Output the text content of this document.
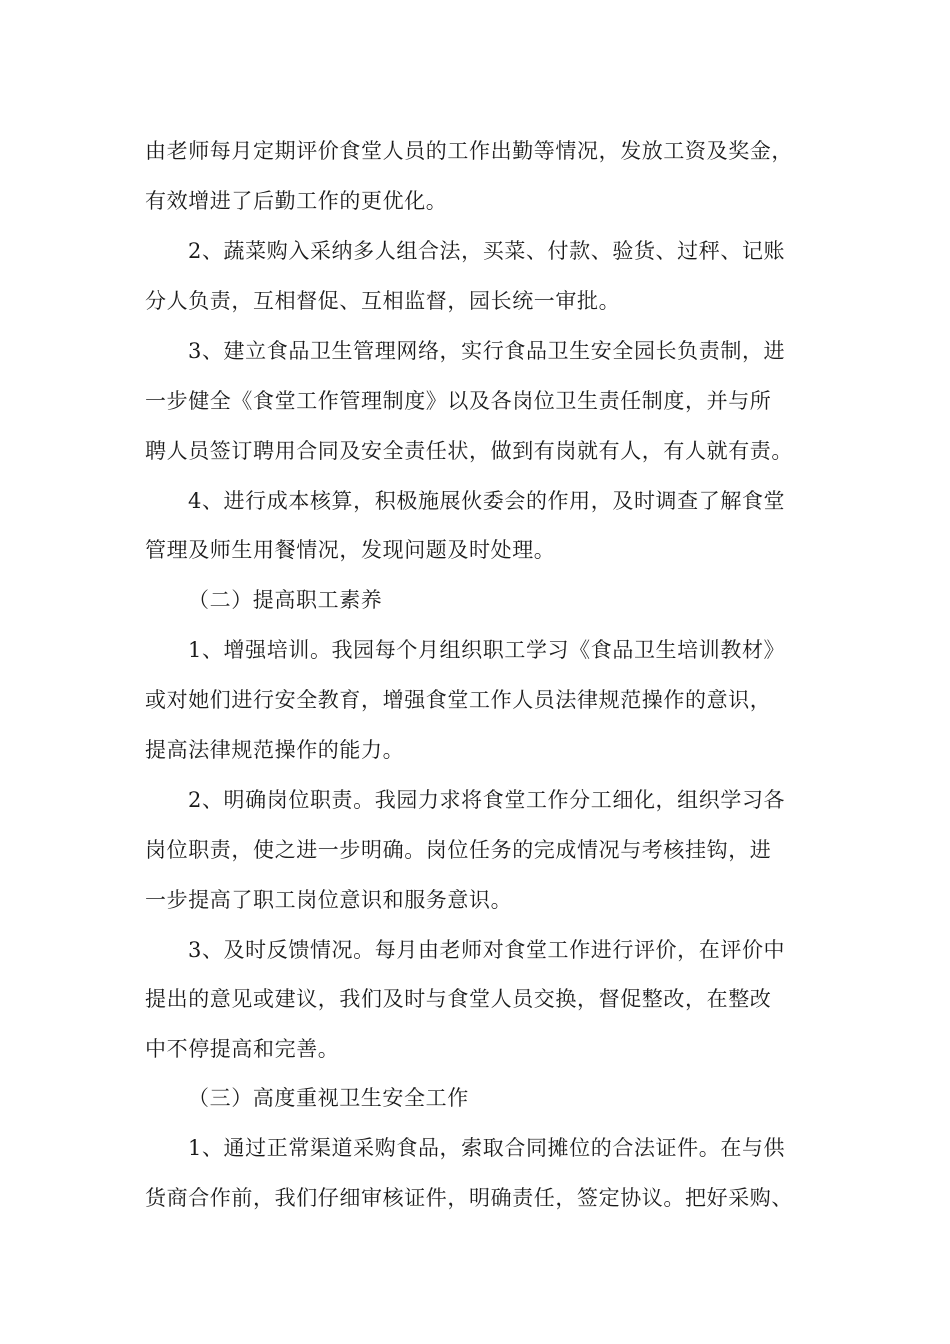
由老师每月定期评价食堂人员的工作出勤等情况，发放工资及奖金，
有效增进了后勤工作的更优化。
2、蔬菜购入采纳多人组合法，买菜、付款、验货、过秤、记账
分人负责，互相督促、互相监督，园长统一审批。
3、建立食品卫生管理网络，实行食品卫生安全园长负责制，进
一步健全《食堂工作管理制度》以及各岗位卫生责任制度，并与所
聘人员签订聘用合同及安全责任状，做到有岗就有人，有人就有责。
4、进行成本核算，积极施展伙委会的作用，及时调查了解食堂
管理及师生用餐情况，发现问题及时处理。
（二）提高职工素养
1、增强培训。我园每个月组织职工学习《食品卫生培训教材》
或对她们进行安全教育，增强食堂工作人员法律规范操作的意识，
提高法律规范操作的能力。
2、明确岗位职责。我园力求将食堂工作分工细化，组织学习各
岗位职责，使之进一步明确。岗位任务的完成情况与考核挂钩，进
一步提高了职工岗位意识和服务意识。
3、及时反馈情况。每月由老师对食堂工作进行评价，在评价中
提出的意见或建议，我们及时与食堂人员交换，督促整改，在整改
中不停提高和完善。
（三）高度重视卫生安全工作
1、通过正常渠道采购食品，索取合同摊位的合法证件。在与供
货商合作前，我们仔细审核证件，明确责任，签定协议。把好采购、
